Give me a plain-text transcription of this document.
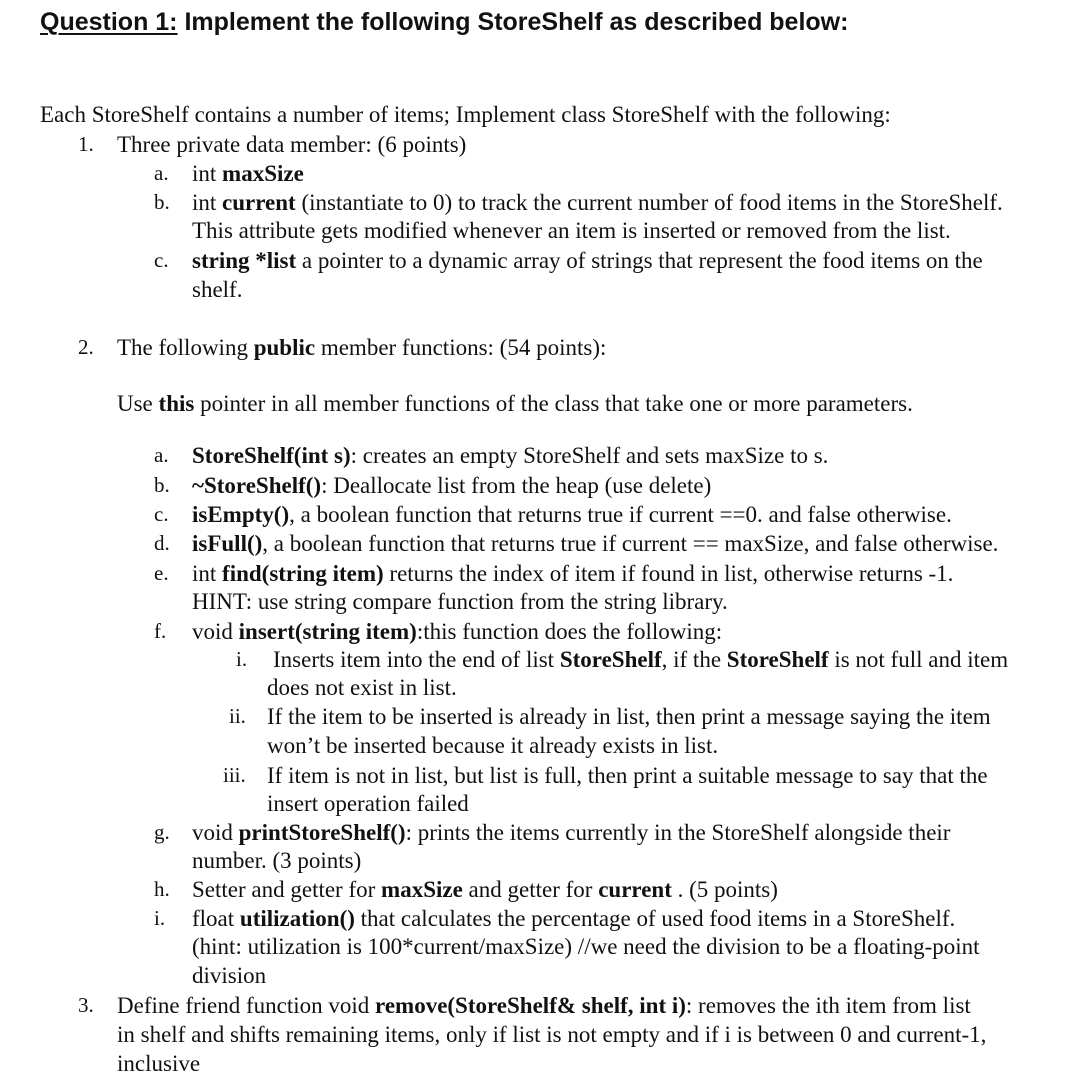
Question 1: Implement the following StoreShelf as described below:

Each StoreShelf contains a number of items; Implement class StoreShelf with the following:

1. Three private data member: (6 points)

a. int maxSize

b. int current (instantiate to 0) to track the current number of food items in the StoreShelf.

This attribute gets modified whenever an item is inserted or removed from the list.

c. string *list a pointer to a dynamic array of strings that represent the food items on the

shelf.

2. The following public member functions: (54 points):

Use this pointer in all member functions of the class that take one or more parameters.

a. StoreShelf(int s): creates an empty StoreShelf and sets maxSize to s.

b. ~StoreShelf(): Deallocate list from the heap (use delete)

c. isEmpty(), a boolean function that returns true if current ==0. and false otherwise.

d. isFull(), a boolean function that returns true if current == maxSize, and false otherwise.

e. int find(string item) returns the index of item if found in list, otherwise returns -1.

HINT: use string compare function from the string library.

f. void insert(string item):this function does the following:

i. Inserts item into the end of list StoreShelf, if the StoreShelf is not full and item

does not exist in list.

ii. If the item to be inserted is already in list, then print a message saying the item

won’t be inserted because it already exists in list.

iii. If item is not in list, but list is full, then print a suitable message to say that the

insert operation failed

g. void printStoreShelf(): prints the items currently in the StoreShelf alongside their

number. (3 points)

h. Setter and getter for maxSize and getter for current . (5 points)

i. float utilization() that calculates the percentage of used food items in a StoreShelf.

(hint: utilization is 100*current/maxSize) //we need the division to be a floating-point

division

3. Define friend function void remove(StoreShelf& shelf, int i): removes the ith item from list

in shelf and shifts remaining items, only if list is not empty and if i is between 0 and current-1,

inclusive
